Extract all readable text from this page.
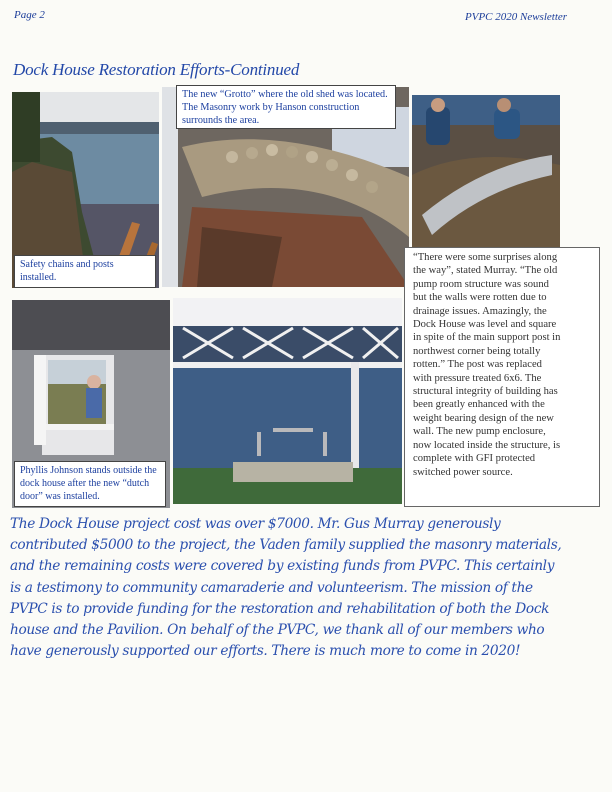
Page 2	PVPC 2020 Newsletter
Dock House Restoration Efforts-Continued
The new “Grotto” where the old shed was located. The Masonry work by Hanson construction surrounds the area.
Safety chains and posts installed.
Phyllis Johnson stands outside the dock house after the new “dutch door” was installed.
“There were some surprises along
the way”, stated Murray. “The old
pump room structure was sound
but the walls were rotten due to
drainage issues. Amazingly, the
Dock House was level and square
in spite of the main support post in
northwest corner being totally
rotten.” The post was replaced
with pressure treated 6x6. The
structural integrity of building has
been greatly enhanced with the
weight bearing design of the new
wall. The new pump enclosure,
now located inside the structure, is
complete with GFI protected
switched power source.

The Dock House project cost was over $7000. Mr. Gus Murray generously

contributed $5000 to the project, the Vaden family supplied the masonry materials,

and the remaining costs were covered by existing funds from PVPC. This certainly

is a testimony to community camaraderie and volunteerism. The mission of the

PVPC is to provide funding for the restoration and rehabilitation of both the Dock

house and the Pavilion. On behalf of the PVPC, we thank all of our members who

have generously supported our efforts. There is much more to come in 2020!
